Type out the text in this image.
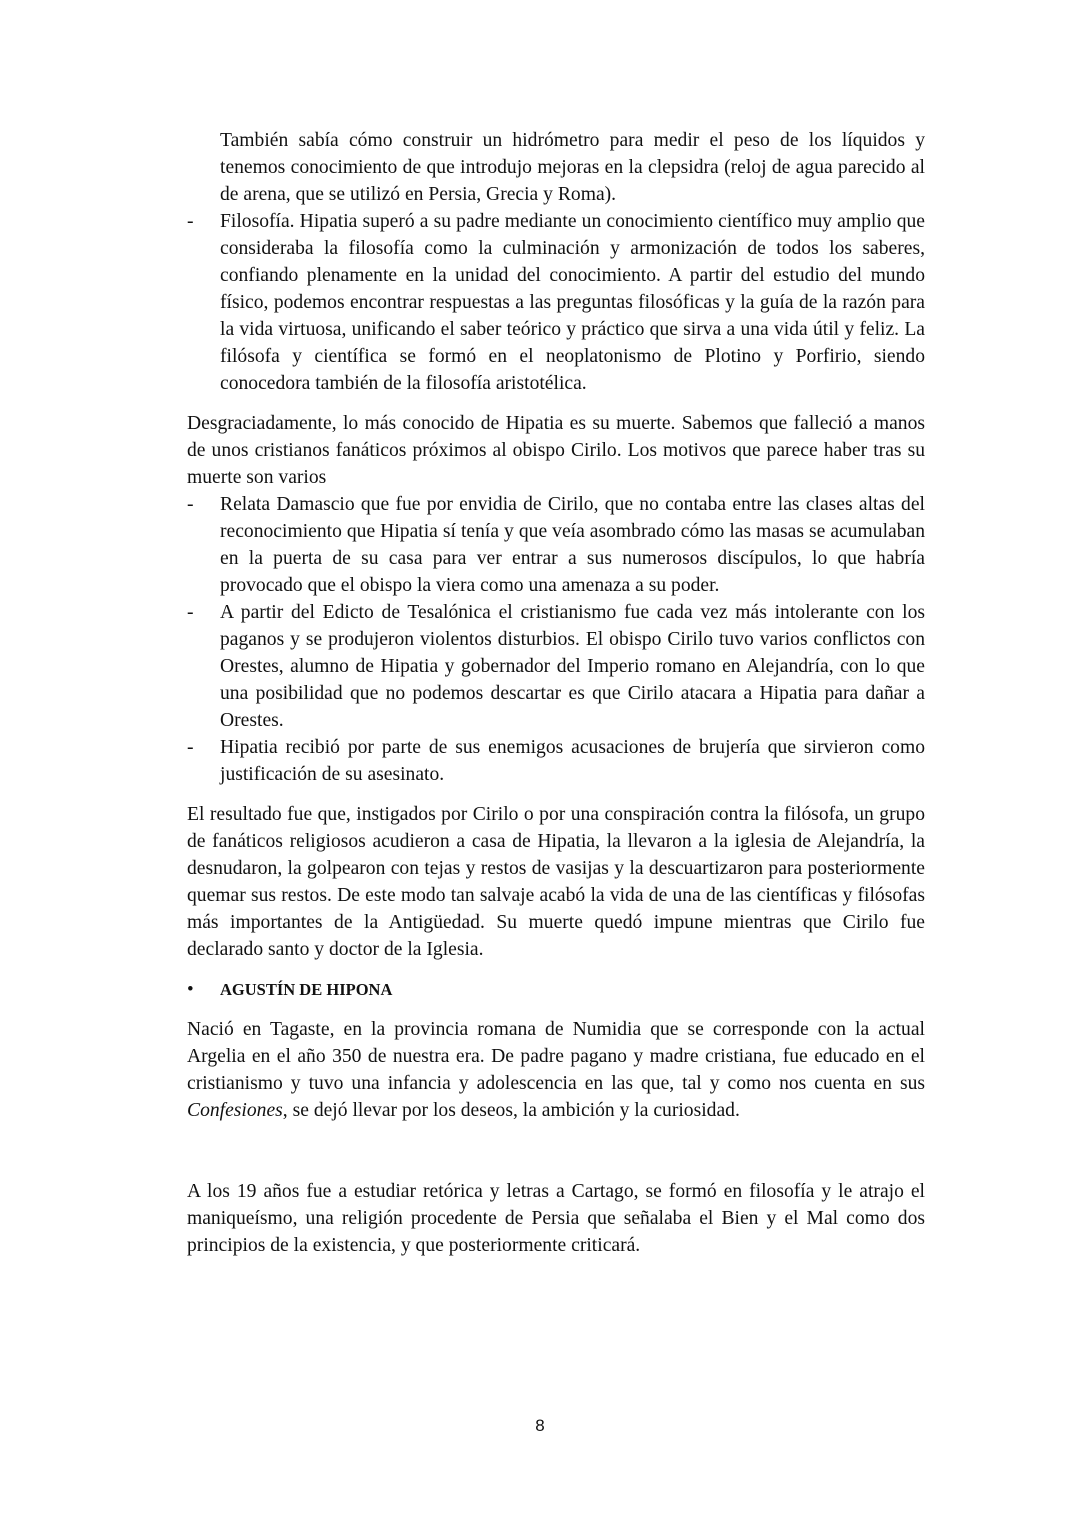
También sabía cómo construir un hidrómetro para medir el peso de los líquidos y tenemos conocimiento de que introdujo mejoras en la clepsidra (reloj de agua parecido al de arena, que se utilizó en Persia, Grecia y Roma).

- Filosofía. Hipatia superó a su padre mediante un conocimiento científico muy amplio que consideraba la filosofía como la culminación y armonización de todos los saberes, confiando plenamente en la unidad del conocimiento. A partir del estudio del mundo físico, podemos encontrar respuestas a las preguntas filosóficas y la guía de la razón para la vida virtuosa, unificando el saber teórico y práctico que sirva a una vida útil y feliz. La filósofa y científica se formó en el neoplatonismo de Plotino y Porfirio, siendo conocedora también de la filosofía aristotélica.

Desgraciadamente, lo más conocido de Hipatia es su muerte. Sabemos que falleció a manos de unos cristianos fanáticos próximos al obispo Cirilo. Los motivos que parece haber tras su muerte son varios

- Relata Damascio que fue por envidia de Cirilo, que no contaba entre las clases altas del reconocimiento que Hipatia sí tenía y que veía asombrado cómo las masas se acumulaban en la puerta de su casa para ver entrar a sus numerosos discípulos, lo que habría provocado que el obispo la viera como una amenaza a su poder.
- A partir del Edicto de Tesalónica el cristianismo fue cada vez más intolerante con los paganos y se produjeron violentos disturbios. El obispo Cirilo tuvo varios conflictos con Orestes, alumno de Hipatia y gobernador del Imperio romano en Alejandría, con lo que una posibilidad que no podemos descartar es que Cirilo atacara a Hipatia para dañar a Orestes.
- Hipatia recibió por parte de sus enemigos acusaciones de brujería que sirvieron como justificación de su asesinato.

El resultado fue que, instigados por Cirilo o por una conspiración contra la filósofa, un grupo de fanáticos religiosos acudieron a casa de Hipatia, la llevaron a la iglesia de Alejandría, la desnudaron, la golpearon con tejas y restos de vasijas y la descuartizaron para posteriormente quemar sus restos. De este modo tan salvaje acabó la vida de una de las científicas y filósofas más importantes de la Antigüedad. Su muerte quedó impune mientras que Cirilo fue declarado santo y doctor de la Iglesia.

• AGUSTÍN DE HIPONA

Nació en Tagaste, en la provincia romana de Numidia que se corresponde con la actual Argelia en el año 350 de nuestra era. De padre pagano y madre cristiana, fue educado en el cristianismo y tuvo una infancia y adolescencia en las que, tal y como nos cuenta en sus Confesiones, se dejó llevar por los deseos, la ambición y la curiosidad.

A los 19 años fue a estudiar retórica y letras a Cartago, se formó en filosofía y le atrajo el maniqueísmo, una religión procedente de Persia que señalaba el Bien y el Mal como dos principios de la existencia, y que posteriormente criticará.

8
